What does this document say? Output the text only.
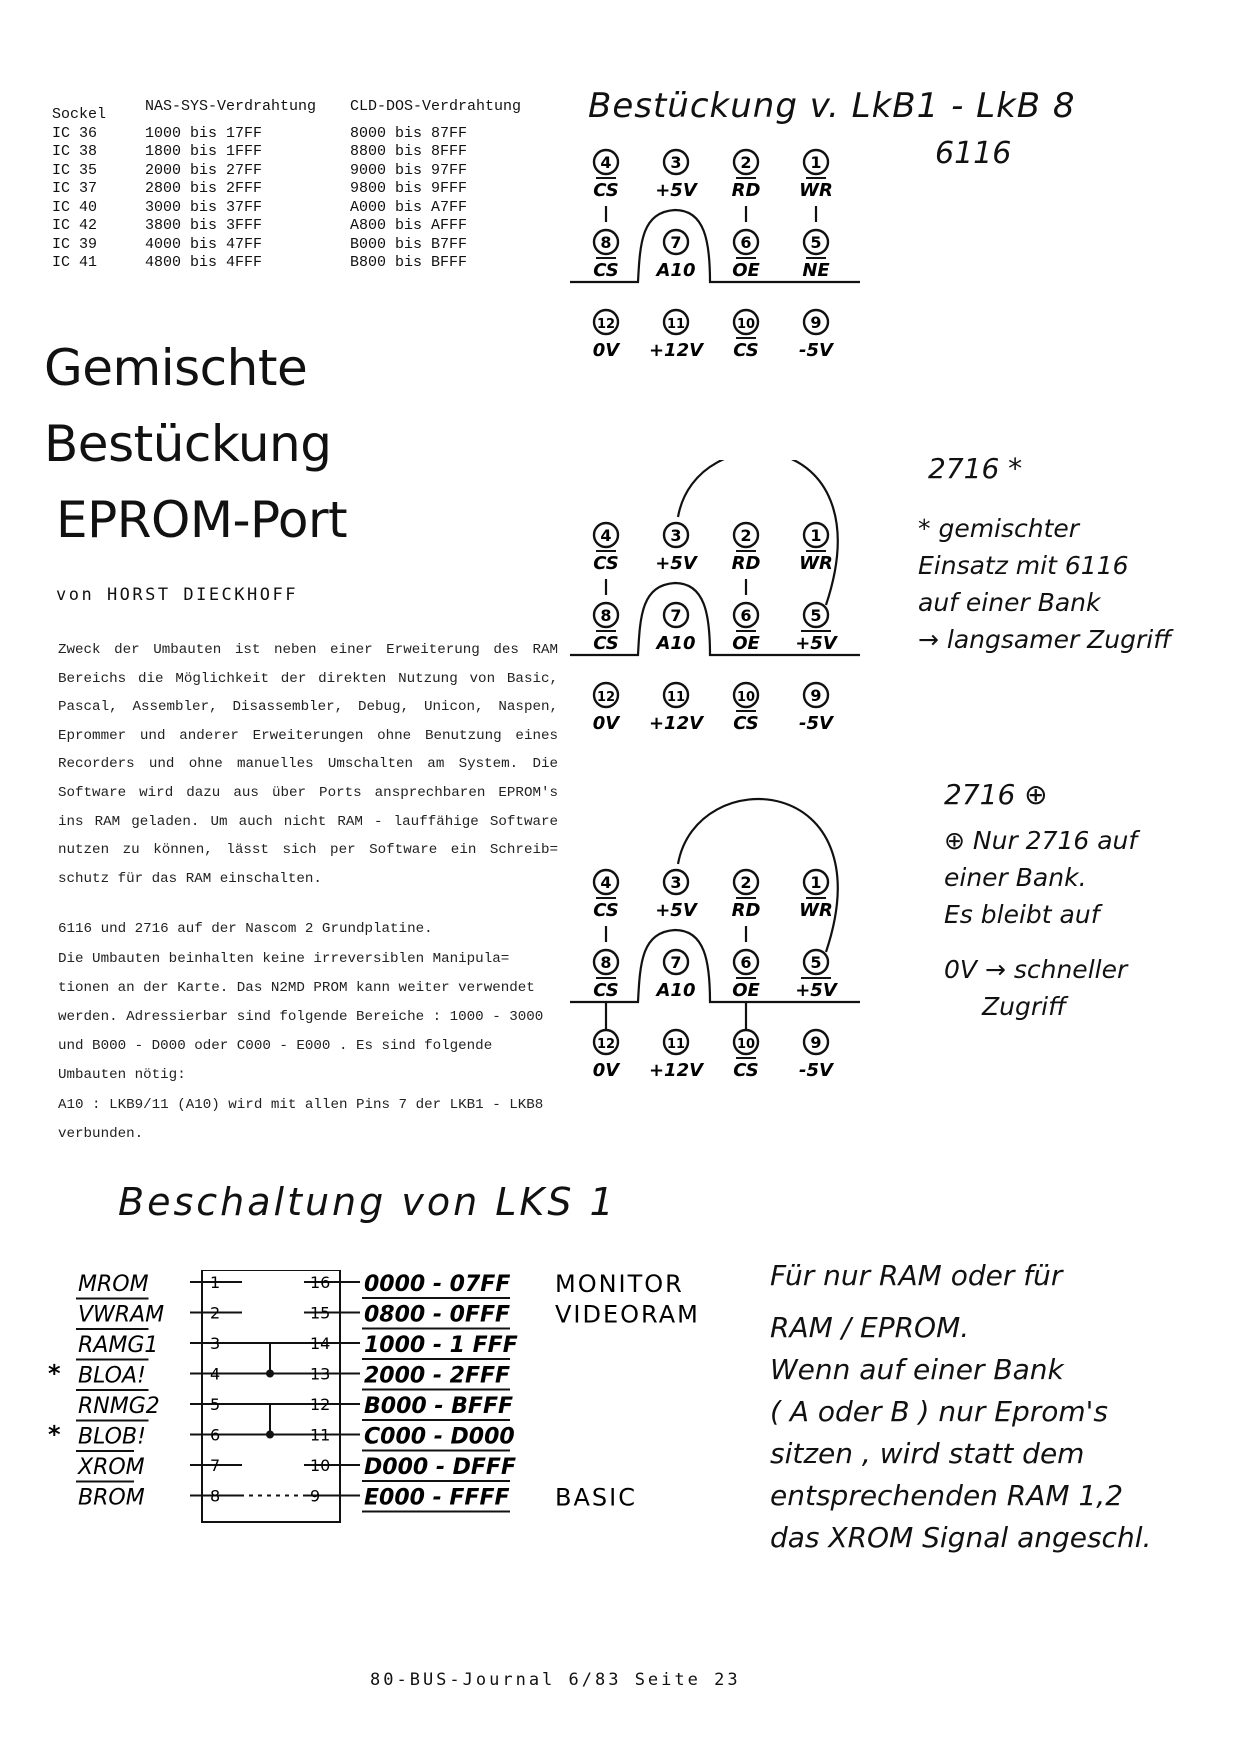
Sockel	NAS-SYS-Verdrahtung	CLD-DOS-Verdrahtung
IC 36	1000 bis 17FF	8000 bis 87FF
IC 38	1800 bis 1FFF	8800 bis 8FFF
IC 35	2000 bis 27FF	9000 bis 97FF
IC 37	2800 bis 2FFF	9800 bis 9FFF
IC 40	3000 bis 37FF	A000 bis A7FF
IC 42	3800 bis 3FFF	A800 bis AFFF
IC 39	4000 bis 47FF	B000 bis B7FF
IC 41	4800 bis 4FFF	B800 bis BFFF
Gemischte
Bestückung
EPROM-Port
von HORST DIECKHOFF

Zweck der Umbauten ist neben einer Erweiterung des RAM Bereichs die Möglichkeit der direkten Nutzung von Basic, Pascal, Assembler, Disassembler, Debug, Unicon, Naspen, Eprommer und anderer Erweiterungen ohne Benutzung eines Recorders und ohne manuelles Umschalten am System. Die Software wird dazu aus über Ports ansprechbaren EPROM's ins RAM geladen. Um auch nicht RAM - lauffähige Software nutzen zu können, lässt sich per Software ein Schreib= schutz für das RAM einschalten.

6116 und 2716 auf der Nascom 2 Grundplatine.
Die Umbauten beinhalten keine irreversiblen Manipula=
tionen an der Karte. Das N2MD PROM kann weiter verwendet
werden. Adressierbar sind folgende Bereiche : 1000 - 3000
und B000 - D000 oder C000 - E000 . Es sind folgende
Umbauten nötig:
A10 : LKB9/11 (A10) wird mit allen Pins 7 der LKB1 - LKB8
verbunden.
Bestückung v. LkB1 - LkB 8
4
CS
3
+5V
2
RD
1
WR
8
CS
7
A10
6
OE
5
NE
12
0V
11
+12V
10
CS
9
-5V
4
CS
3
+5V
2
RD
1
WR
8
CS
7
A10
6
OE
5
+5V
12
0V
11
+12V
10
CS
9
-5V
4
CS
3
+5V
2
RD
1
WR
8
CS
7
A10
6
OE
5
+5V
12
0V
11
+12V
10
CS
9
-5V
6116
2716 *
* gemischter
Einsatz mit 6116
auf einer Bank
→ langsamer Zugriff
2716 ⊕
⊕ Nur 2716 auf
einer Bank.
Es bleibt auf
0V → schneller
Zugriff
Beschaltung von LKS 1
MROM	1	16 0000 - 07FF MONITOR
VWRAM	2	15 0800 - 0FFF VIDEORAM
RAMG1	3	14 1000 - 1 FFF
* BLOA!	4	13 2000 - 2FFF
RNMG2	5	12 B000 - BFFF
* BLOB!	6	11 C000 - D000
XROM	7	10 D000 - DFFF
BROM	8	9 E000 - FFFF BASIC
Für nur RAM oder für
RAM / EPROM.
Wenn auf einer Bank
( A oder B ) nur Eprom's
sitzen , wird statt dem
entsprechenden RAM 1,2
das XROM Signal angeschl.
80-BUS-Journal 6/83 Seite 23
